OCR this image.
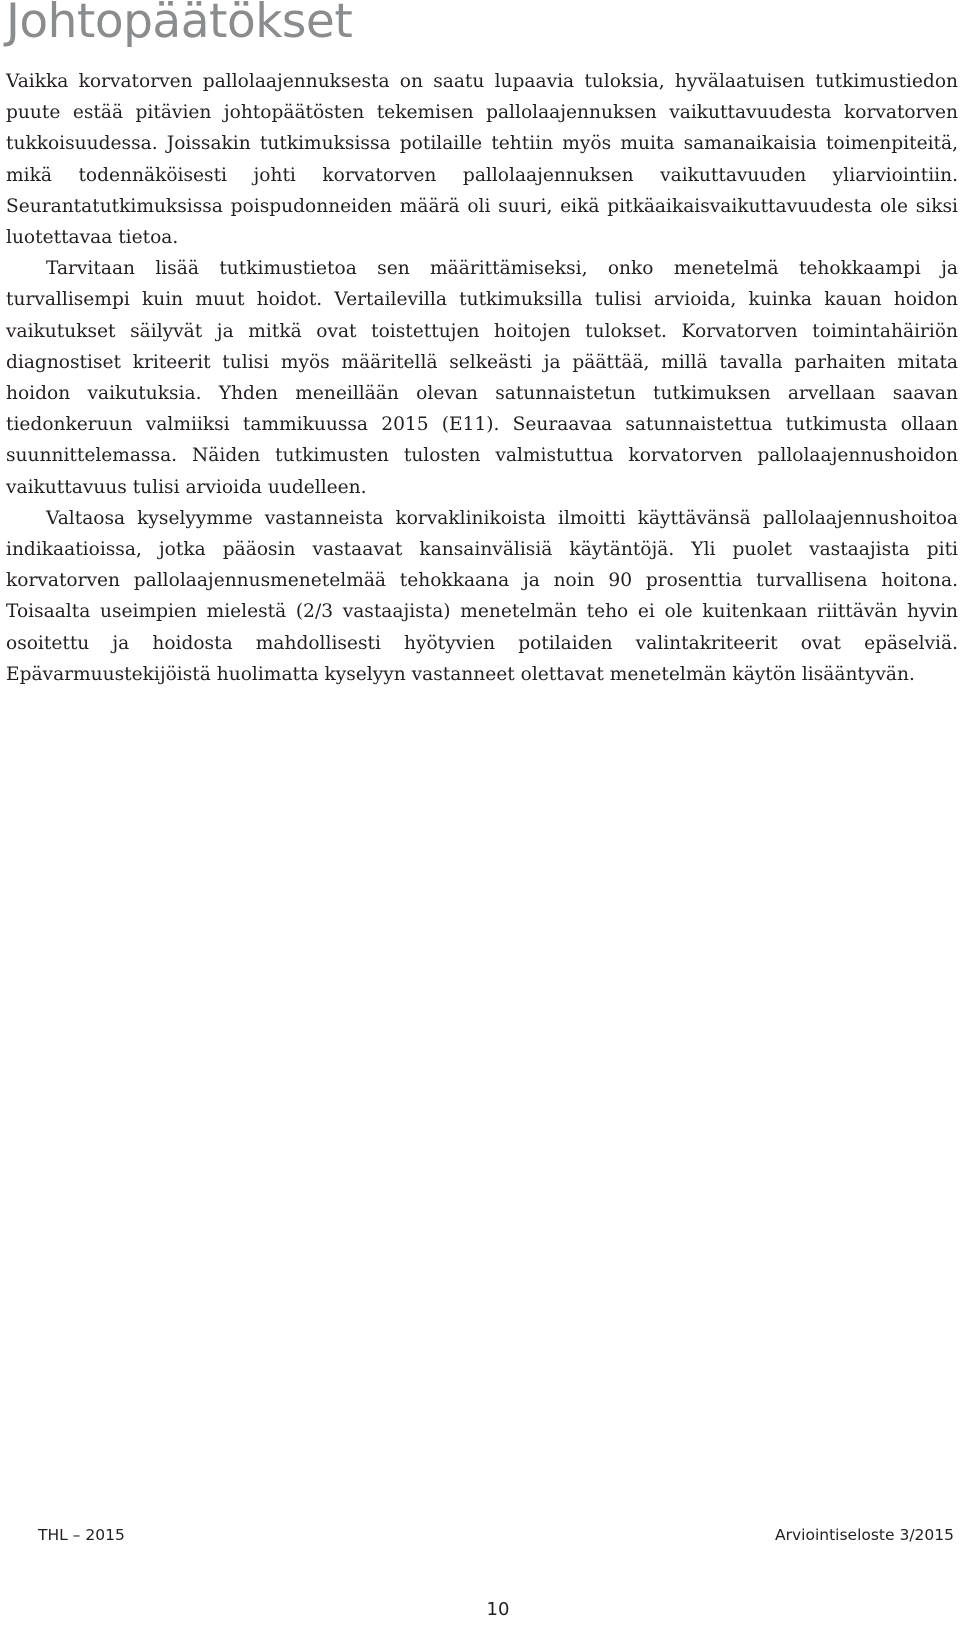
Johtopäätökset

Vaikka korvatorven pallolaajennuksesta on saatu lupaavia tuloksia, hyvälaatuisen tutkimustiedon puute estää pitävien johtopäätösten tekemisen pallolaajennuksen vaikuttavuudesta korvatorven tukkoisuudessa. Joissakin tutkimuksissa potilaille tehtiin myös muita samanaikaisia toimenpiteitä, mikä todennäköisesti johti korvatorven pallolaajennuksen vaikuttavuuden yliarviointiin. Seurantatutkimuksissa poispudonneiden määrä oli suuri, eikä pitkäaikaisvaikuttavuudesta ole siksi luotettavaa tietoa.

Tarvitaan lisää tutkimustietoa sen määrittämiseksi, onko menetelmä tehokkaampi ja turvallisempi kuin muut hoidot. Vertailevilla tutkimuksilla tulisi arvioida, kuinka kauan hoidon vaikutukset säilyvät ja mitkä ovat toistettujen hoitojen tulokset. Korvatorven toimintahäiriön diagnostiset kriteerit tulisi myös määritellä selkeästi ja päättää, millä tavalla parhaiten mitata hoidon vaikutuksia. Yhden meneillään olevan satunnaistetun tutkimuksen arvellaan saavan tiedonkeruun valmiiksi tammikuussa 2015 (E11). Seuraavaa satunnaistettua tutkimusta ollaan suunnittelemassa. Näiden tutkimusten tulosten valmistuttua korvatorven pallolaajennushoidon vaikuttavuus tulisi arvioida uudelleen.

Valtaosa kyselyymme vastanneista korvaklinikoista ilmoitti käyttävänsä pallolaajennushoitoa indikaatioissa, jotka pääosin vastaavat kansainvälisiä käytäntöjä. Yli puolet vastaajista piti korvatorven pallolaajennusmenetelmää tehokkaana ja noin 90 prosenttia turvallisena hoitona. Toisaalta useimpien mielestä (2/3 vastaajista) menetelmän teho ei ole kuitenkaan riittävän hyvin osoitettu ja hoidosta mahdollisesti hyötyvien potilaiden valintakriteerit ovat epäselviä. Epävarmuustekijöistä huolimatta kyselyyn vastanneet olettavat menetelmän käytön lisääntyvän.

THL – 2015	Arviointiseloste 3/2015
10
